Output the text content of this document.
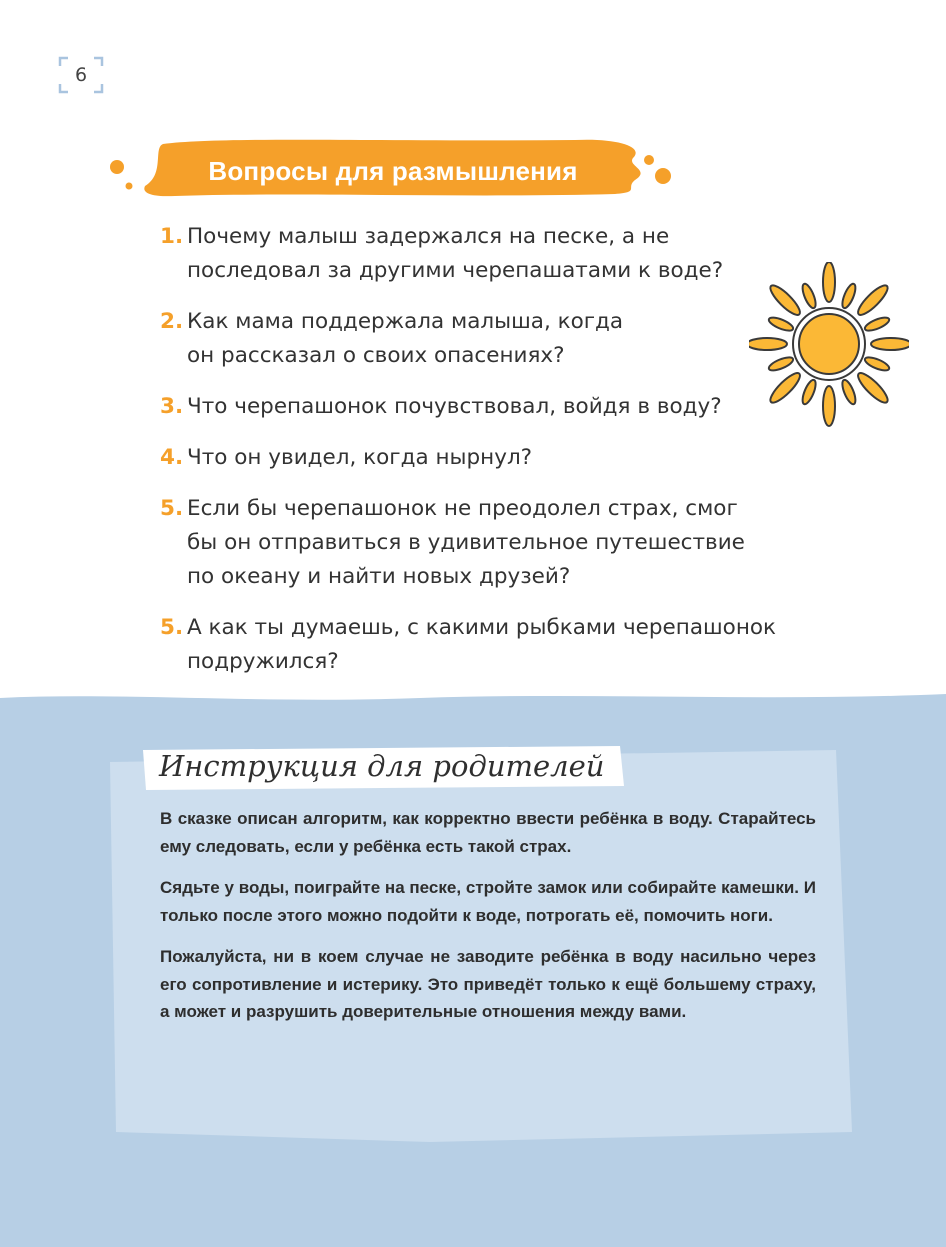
6
Вопросы для размышления
1. Почему малыш задержался на песке, а не последовал за другими черепашатами к воде?
2. Как мама поддержала малыша, когда он рассказал о своих опасениях?
3. Что черепашонок почувствовал, войдя в воду?
4. Что он увидел, когда нырнул?
5. Если бы черепашонок не преодолел страх, смог бы он отправиться в удивительное путешествие по океану и найти новых друзей?
5. А как ты думаешь, с какими рыбками черепашонок подружился?
Инструкция для родителей

В сказке описан алгоритм, как корректно ввести ребёнка в воду. Старайтесь ему следовать, если у ребёнка есть такой страх.

Сядьте у воды, поиграйте на песке, стройте замок или собирайте камешки. И только после этого можно подойти к воде, потрогать её, помочить ноги.

Пожалуйста, ни в коем случае не заводите ребёнка в воду насильно через его сопротивление и истерику. Это приведёт только к ещё большему страху, а может и разрушить доверительные отношения между вами.
